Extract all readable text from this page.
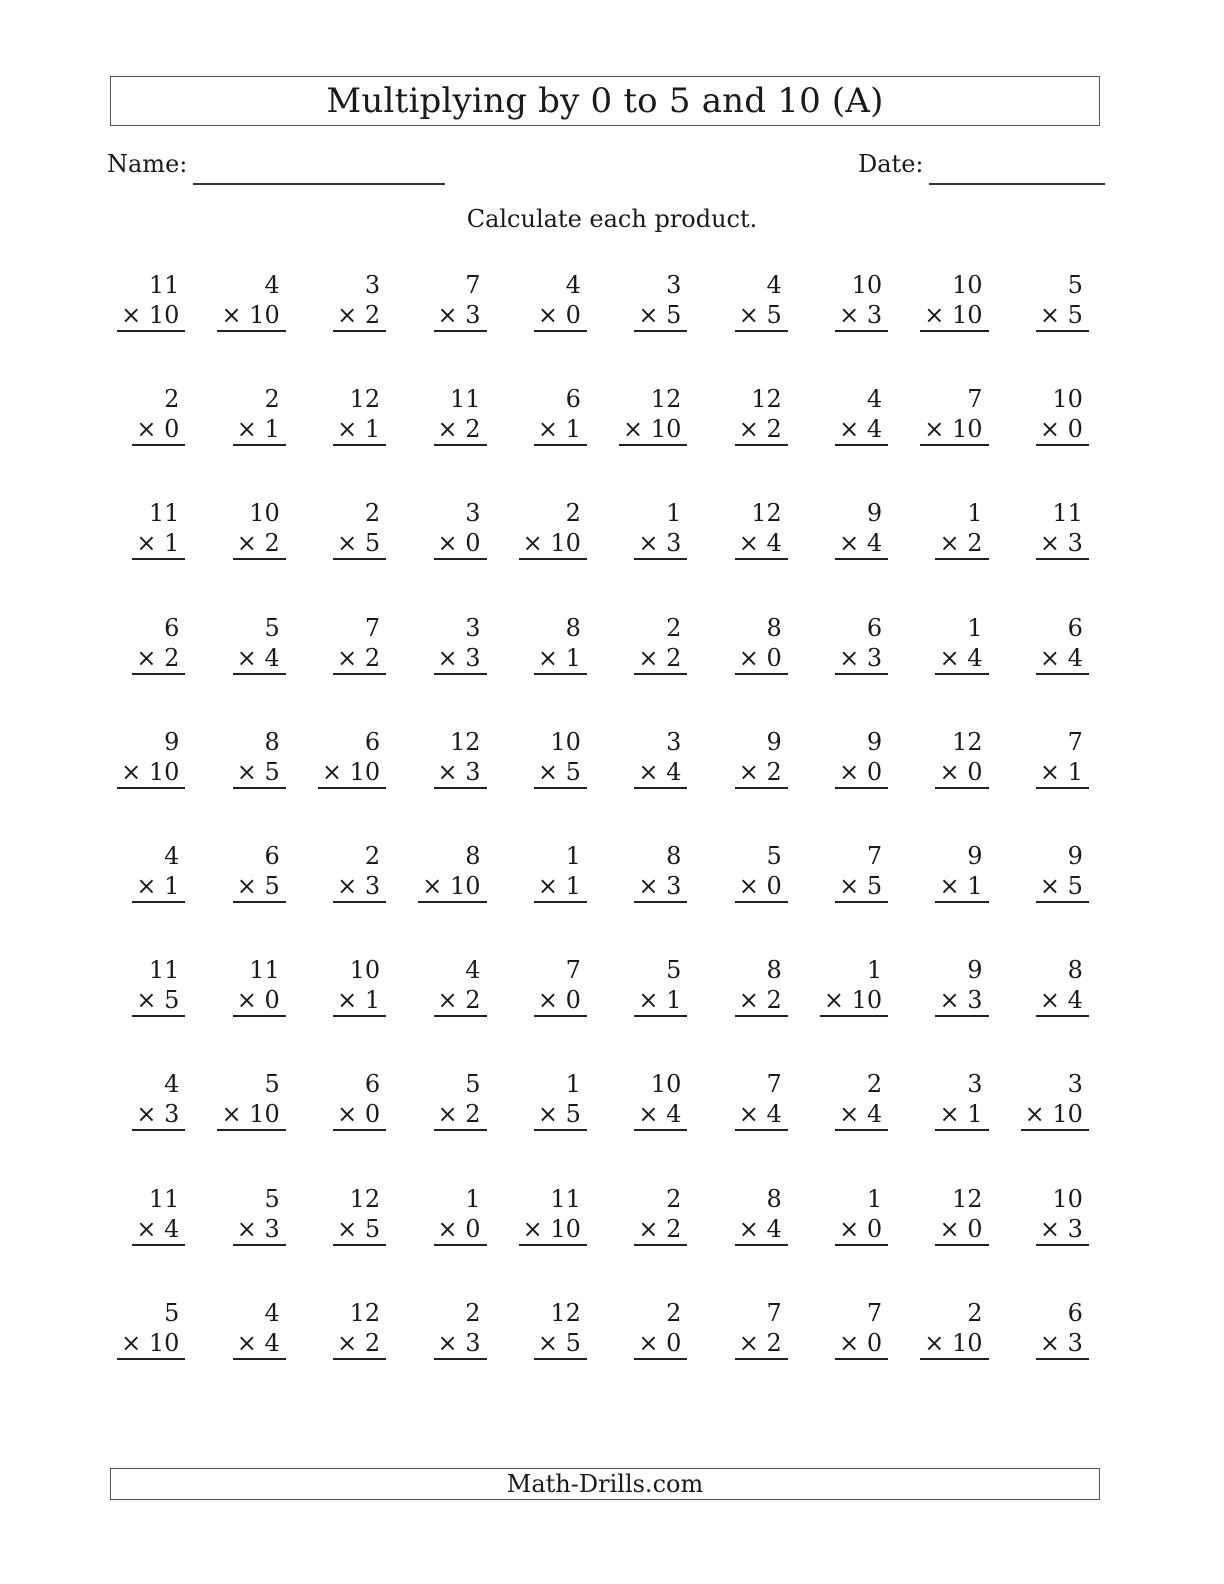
Multiplying by 0 to 5 and 10 (A)
Name:	Date:
Calculate each product.
11
× 10
4
× 10
3
× 2
7
× 3
4
× 0
3
× 5
4
× 5
10
× 3
10
× 10
5
× 5
2
× 0
2
× 1
12
× 1
11
× 2
6
× 1
12
× 10
12
× 2
4
× 4
7
× 10
10
× 0
11
× 1
10
× 2
2
× 5
3
× 0
2
× 10
1
× 3
12
× 4
9
× 4
1
× 2
11
× 3
6
× 2
5
× 4
7
× 2
3
× 3
8
× 1
2
× 2
8
× 0
6
× 3
1
× 4
6
× 4
9
× 10
8
× 5
6
× 10
12
× 3
10
× 5
3
× 4
9
× 2
9
× 0
12
× 0
7
× 1
4
× 1
6
× 5
2
× 3
8
× 10
1
× 1
8
× 3
5
× 0
7
× 5
9
× 1
9
× 5
11
× 5
11
× 0
10
× 1
4
× 2
7
× 0
5
× 1
8
× 2
1
× 10
9
× 3
8
× 4
4
× 3
5
× 10
6
× 0
5
× 2
1
× 5
10
× 4
7
× 4
2
× 4
3
× 1
3
× 10
11
× 4
5
× 3
12
× 5
1
× 0
11
× 10
2
× 2
8
× 4
1
× 0
12
× 0
10
× 3
5
× 10
4
× 4
12
× 2
2
× 3
12
× 5
2
× 0
7
× 2
7
× 0
2
× 10
6
× 3
Math-Drills.com
